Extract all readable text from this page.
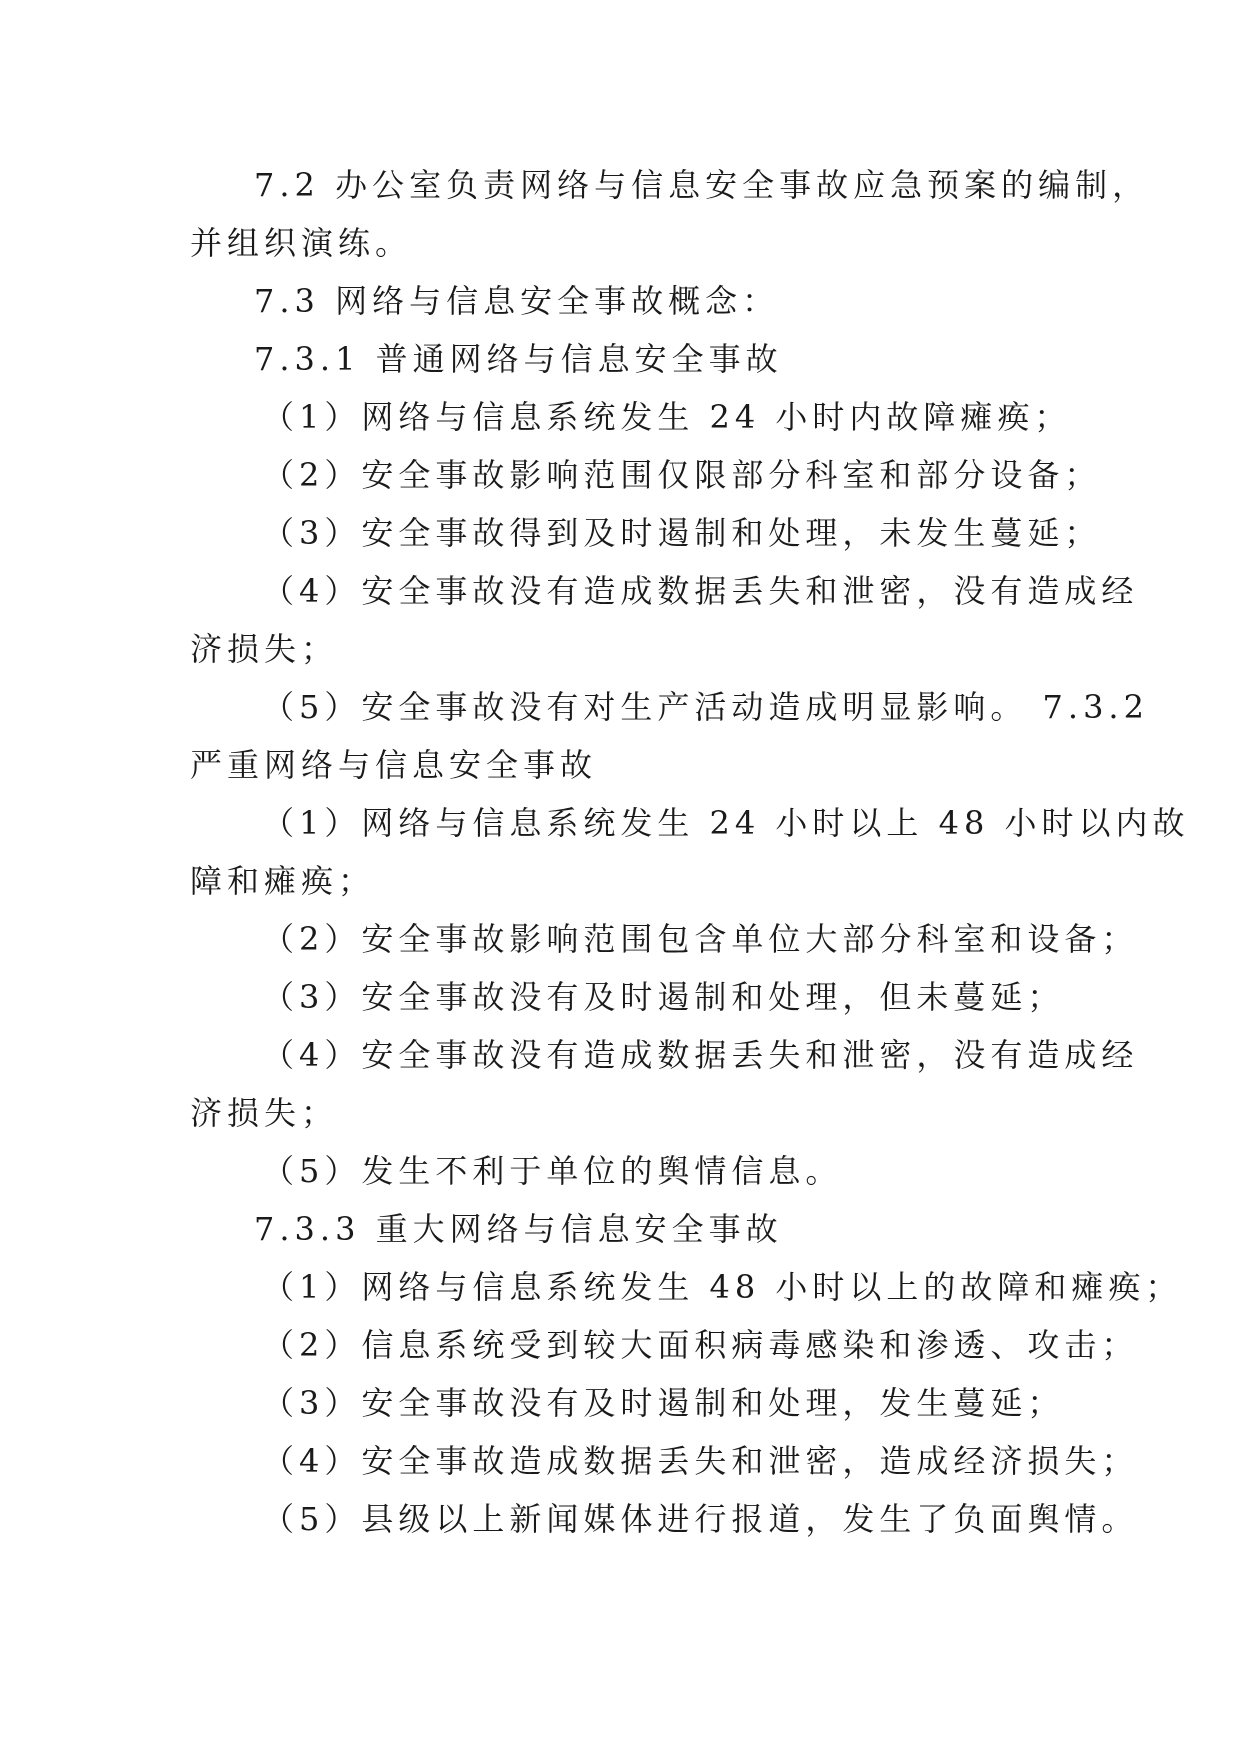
7.2 办公室负责网络与信息安全事故应急预案的编制，
并组织演练。
7.3 网络与信息安全事故概念：
7.3.1 普通网络与信息安全事故
（1）网络与信息系统发生 24 小时内故障瘫痪；
（2）安全事故影响范围仅限部分科室和部分设备；
（3）安全事故得到及时遏制和处理，未发生蔓延；
（4）安全事故没有造成数据丢失和泄密，没有造成经
济损失；
（5）安全事故没有对生产活动造成明显影响。 7.3.2
严重网络与信息安全事故
（1）网络与信息系统发生 24 小时以上 48 小时以内故
障和瘫痪；
（2）安全事故影响范围包含单位大部分科室和设备；
（3）安全事故没有及时遏制和处理，但未蔓延；
（4）安全事故没有造成数据丢失和泄密，没有造成经
济损失；
（5）发生不利于单位的舆情信息。
7.3.3 重大网络与信息安全事故
（1）网络与信息系统发生 48 小时以上的故障和瘫痪；
（2）信息系统受到较大面积病毒感染和渗透、攻击；
（3）安全事故没有及时遏制和处理，发生蔓延；
（4）安全事故造成数据丢失和泄密，造成经济损失；
（5）县级以上新闻媒体进行报道，发生了负面舆情。
